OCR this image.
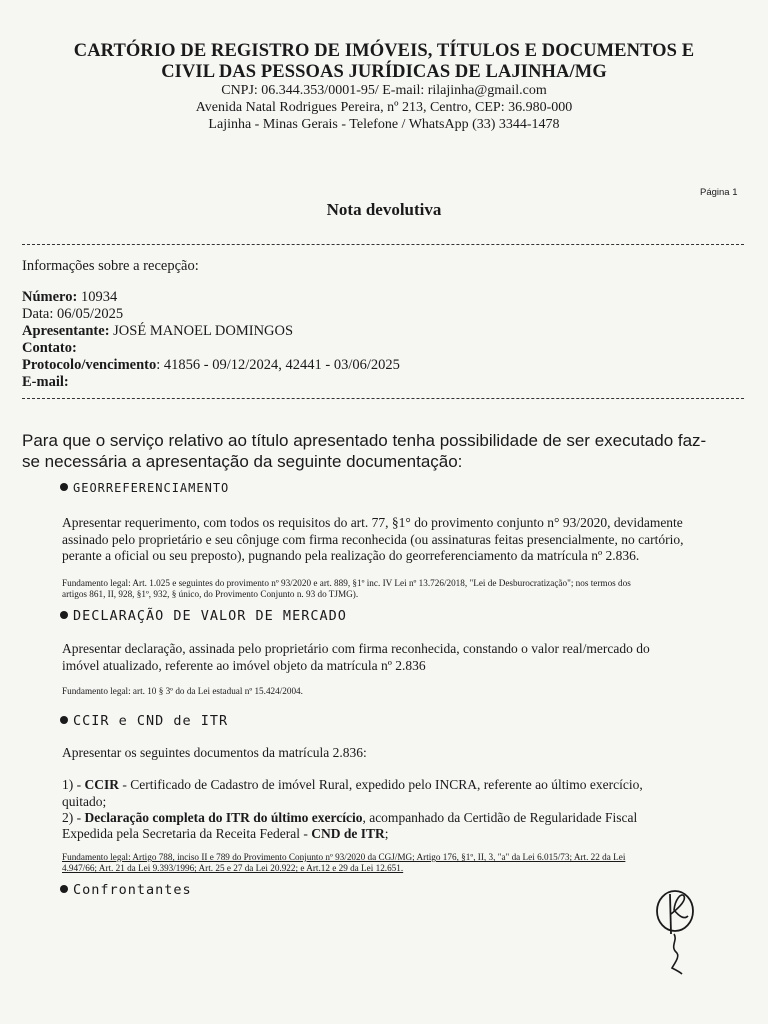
CARTÓRIO DE REGISTRO DE IMÓVEIS, TÍTULOS E DOCUMENTOS E
CIVIL DAS PESSOAS JURÍDICAS DE LAJINHA/MG
CNPJ: 06.344.353/0001-95/ E-mail: rilajinha@gmail.com
Avenida Natal Rodrigues Pereira, nº 213, Centro, CEP: 36.980-000
Lajinha - Minas Gerais - Telefone / WhatsApp (33) 3344-1478
Página 1
Nota devolutiva
Informações sobre a recepção:
Número: 10934
Data: 06/05/2025
Apresentante: JOSÉ MANOEL DOMINGOS
Contato:
Protocolo/vencimento: 41856 - 09/12/2024, 42441 - 03/06/2025
E-mail:
Para que o serviço relativo ao título apresentado tenha possibilidade de ser executado faz-
se necessária a apresentação da seguinte documentação:
GEORREFERENCIAMENTO
Apresentar requerimento, com todos os requisitos do art. 77, §1° do provimento conjunto n° 93/2020, devidamente
assinado pelo proprietário e seu cônjuge com firma reconhecida (ou assinaturas feitas presencialmente, no cartório,
perante a oficial ou seu preposto), pugnando pela realização do georreferenciamento da matrícula nº 2.836.
Fundamento legal: Art. 1.025 e seguintes do provimento nº 93/2020 e art. 889, §1º inc. IV Lei nº 13.726/2018, "Lei de Desburocratização"; nos termos dos
artigos 861, II, 928, §1º, 932, § único, do Provimento Conjunto n. 93 do TJMG).
DECLARAÇÃO DE VALOR DE MERCADO
Apresentar declaração, assinada pelo proprietário com firma reconhecida, constando o valor real/mercado do
imóvel atualizado, referente ao imóvel objeto da matrícula nº 2.836
Fundamento legal: art. 10 § 3º do da Lei estadual nº 15.424/2004.
CCIR e CND de ITR
Apresentar os seguintes documentos da matrícula 2.836:
1) - CCIR - Certificado de Cadastro de imóvel Rural, expedido pelo INCRA, referente ao último exercício,
quitado;
2) - Declaração completa do ITR do último exercício, acompanhado da Certidão de Regularidade Fiscal
Expedida pela Secretaria da Receita Federal - CND de ITR;
Fundamento legal: Artigo 788, inciso II e 789 do Provimento Conjunto nº 93/2020 da CGJ/MG; Artigo 176, §1º, II, 3, "a" da Lei 6.015/73; Art. 22 da Lei
4.947/66; Art. 21 da Lei 9.393/1996; Art. 25 e 27 da Lei 20.922; e Art.12 e 29 da Lei 12.651.
Confrontantes
